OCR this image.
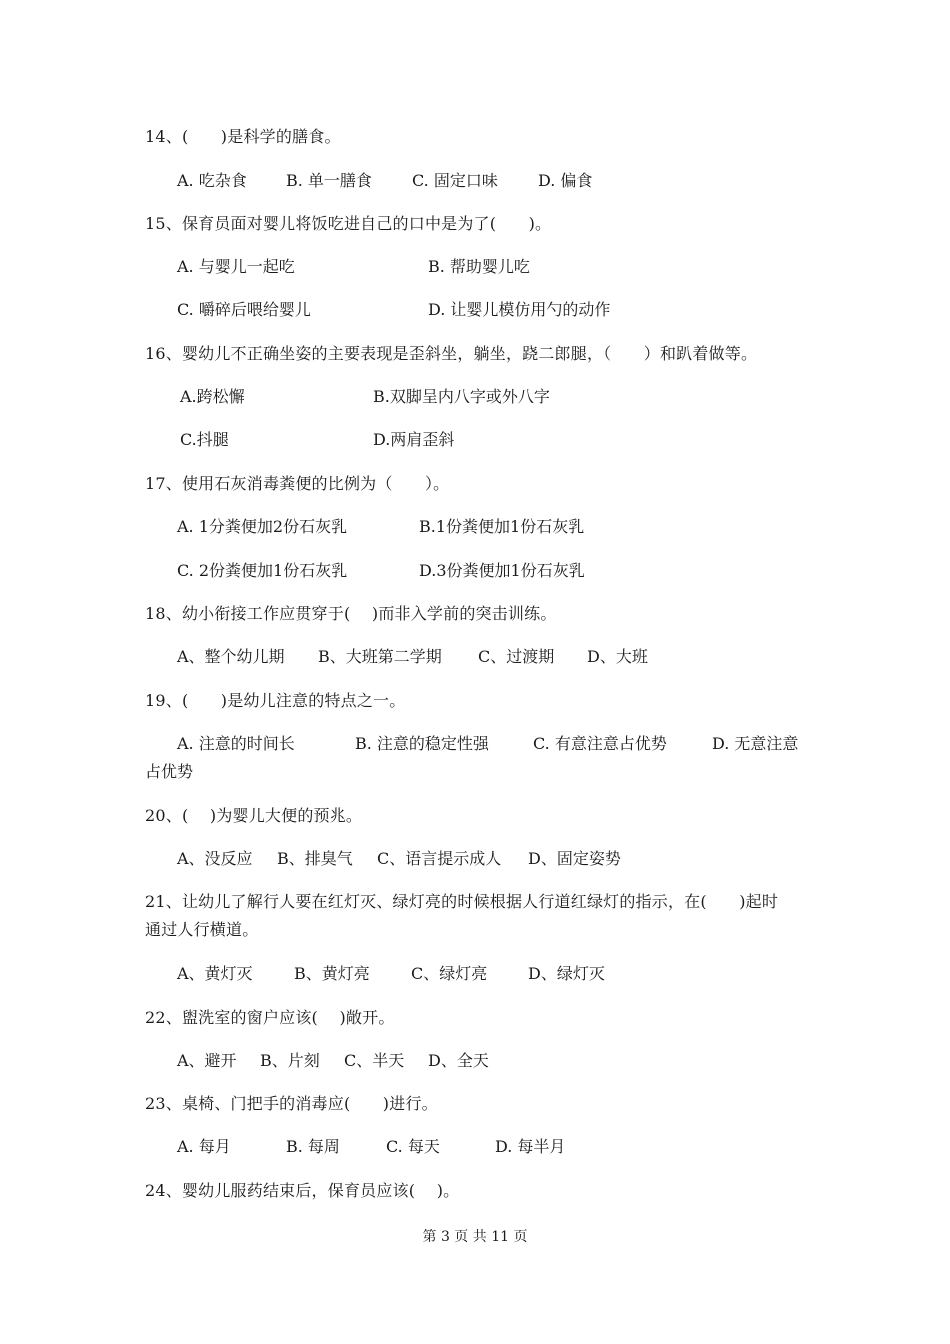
14、(　　)是科学的膳食。
A. 吃杂食 B. 单一膳食	C. 固定口味	D. 偏食
15、保育员面对婴儿将饭吃进自己的口中是为了(　　)。
A. 与婴儿一起吃	B. 帮助婴儿吃
C. 嚼碎后喂给婴儿	D. 让婴儿模仿用勺的动作
16、婴幼儿不正确坐姿的主要表现是歪斜坐，躺坐，跷二郎腿，（　　）和趴着做等。
A.跨松懈	B.双脚呈内八字或外八字
C.抖腿	D.两肩歪斜
17、使用石灰消毒粪便的比例为（　　）。
A. 1分粪便加2份石灰乳	B.1份粪便加1份石灰乳
C. 2份粪便加1份石灰乳	D.3份粪便加1份石灰乳
18、幼小衔接工作应贯穿于(　 )而非入学前的突击训练。
A、整个幼儿期 B、大班第二学期 C、过渡期 D、大班
19、(　　)是幼儿注意的特点之一。
A. 注意的时间长	B. 注意的稳定性强	C. 有意注意占优势	D. 无意注意
占优势
20、(　 )为婴儿大便的预兆。
A、没反应 B、排臭气 C、语言提示成人 D、固定姿势
21、让幼儿了解行人要在红灯灭、绿灯亮的时候根据人行道红绿灯的指示，在(　　)起时
通过人行横道。
A、黄灯灭	B、黄灯亮	C、绿灯亮	D、绿灯灭
22、盥洗室的窗户应该(　 )敞开。
A、避开 B、片刻 C、半天 D、全天
23、桌椅、门把手的消毒应(　　)进行。
A. 每月	B. 每周	C. 每天	D. 每半月
24、婴幼儿服药结束后，保育员应该(　 )。
第 3 页 共 11 页
